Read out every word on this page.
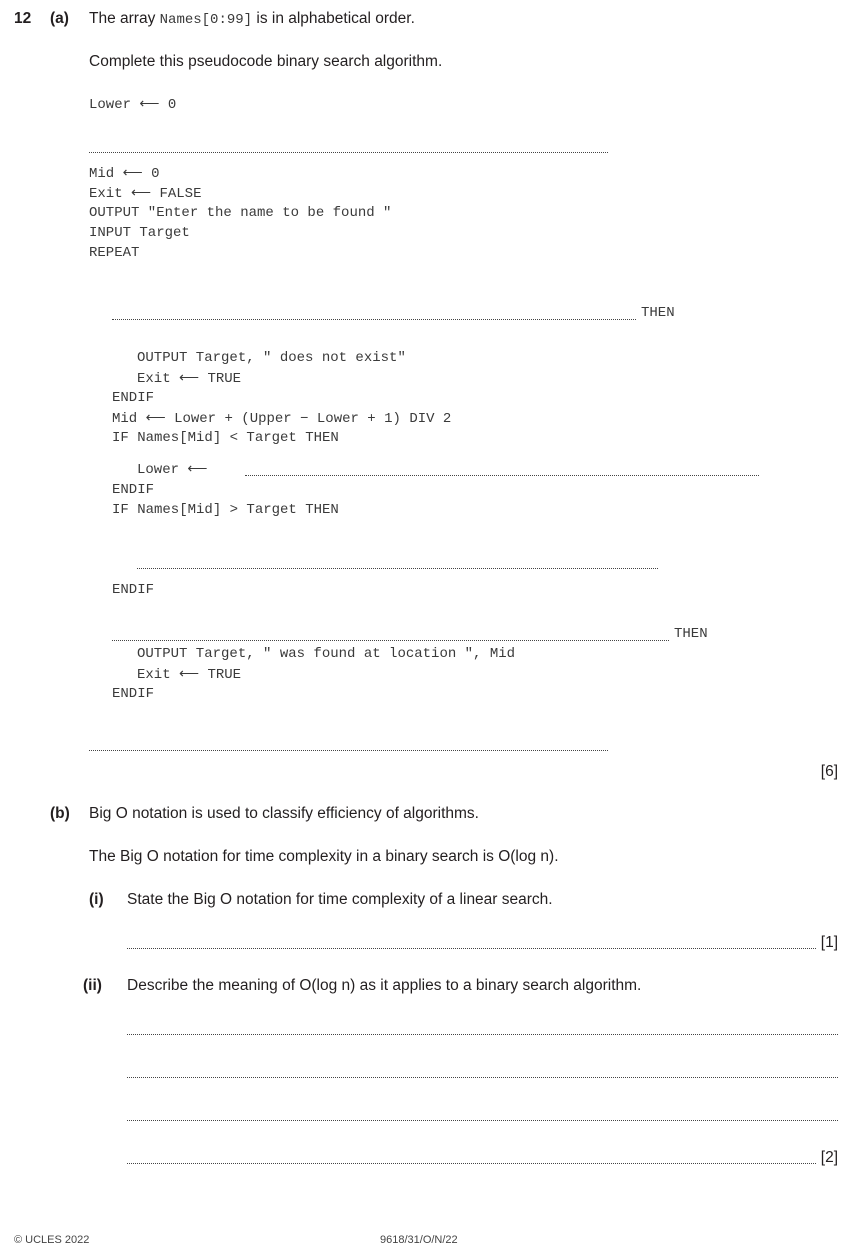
12 (a) The array Names[0:99] is in alphabetical order.
Complete this pseudocode binary search algorithm.
Lower ⟵ 0
Mid ⟵ 0
Exit ⟵ FALSE
OUTPUT "Enter the name to be found "
INPUT Target
REPEAT
THEN
OUTPUT Target, " does not exist"
Exit ⟵ TRUE
ENDIF
Mid ⟵ Lower + (Upper − Lower + 1) DIV 2
IF Names[Mid] < Target THEN
Lower ⟵
ENDIF
IF Names[Mid] > Target THEN
ENDIF
THEN
OUTPUT Target, " was found at location ", Mid
Exit ⟵ TRUE
ENDIF
[6]
(b) Big O notation is used to classify efficiency of algorithms.
The Big O notation for time complexity in a binary search is O(log n).
(i) State the Big O notation for time complexity of a linear search.
[1]
(ii) Describe the meaning of O(log n) as it applies to a binary search algorithm.
[2]
© UCLES 2022	9618/31/O/N/22
